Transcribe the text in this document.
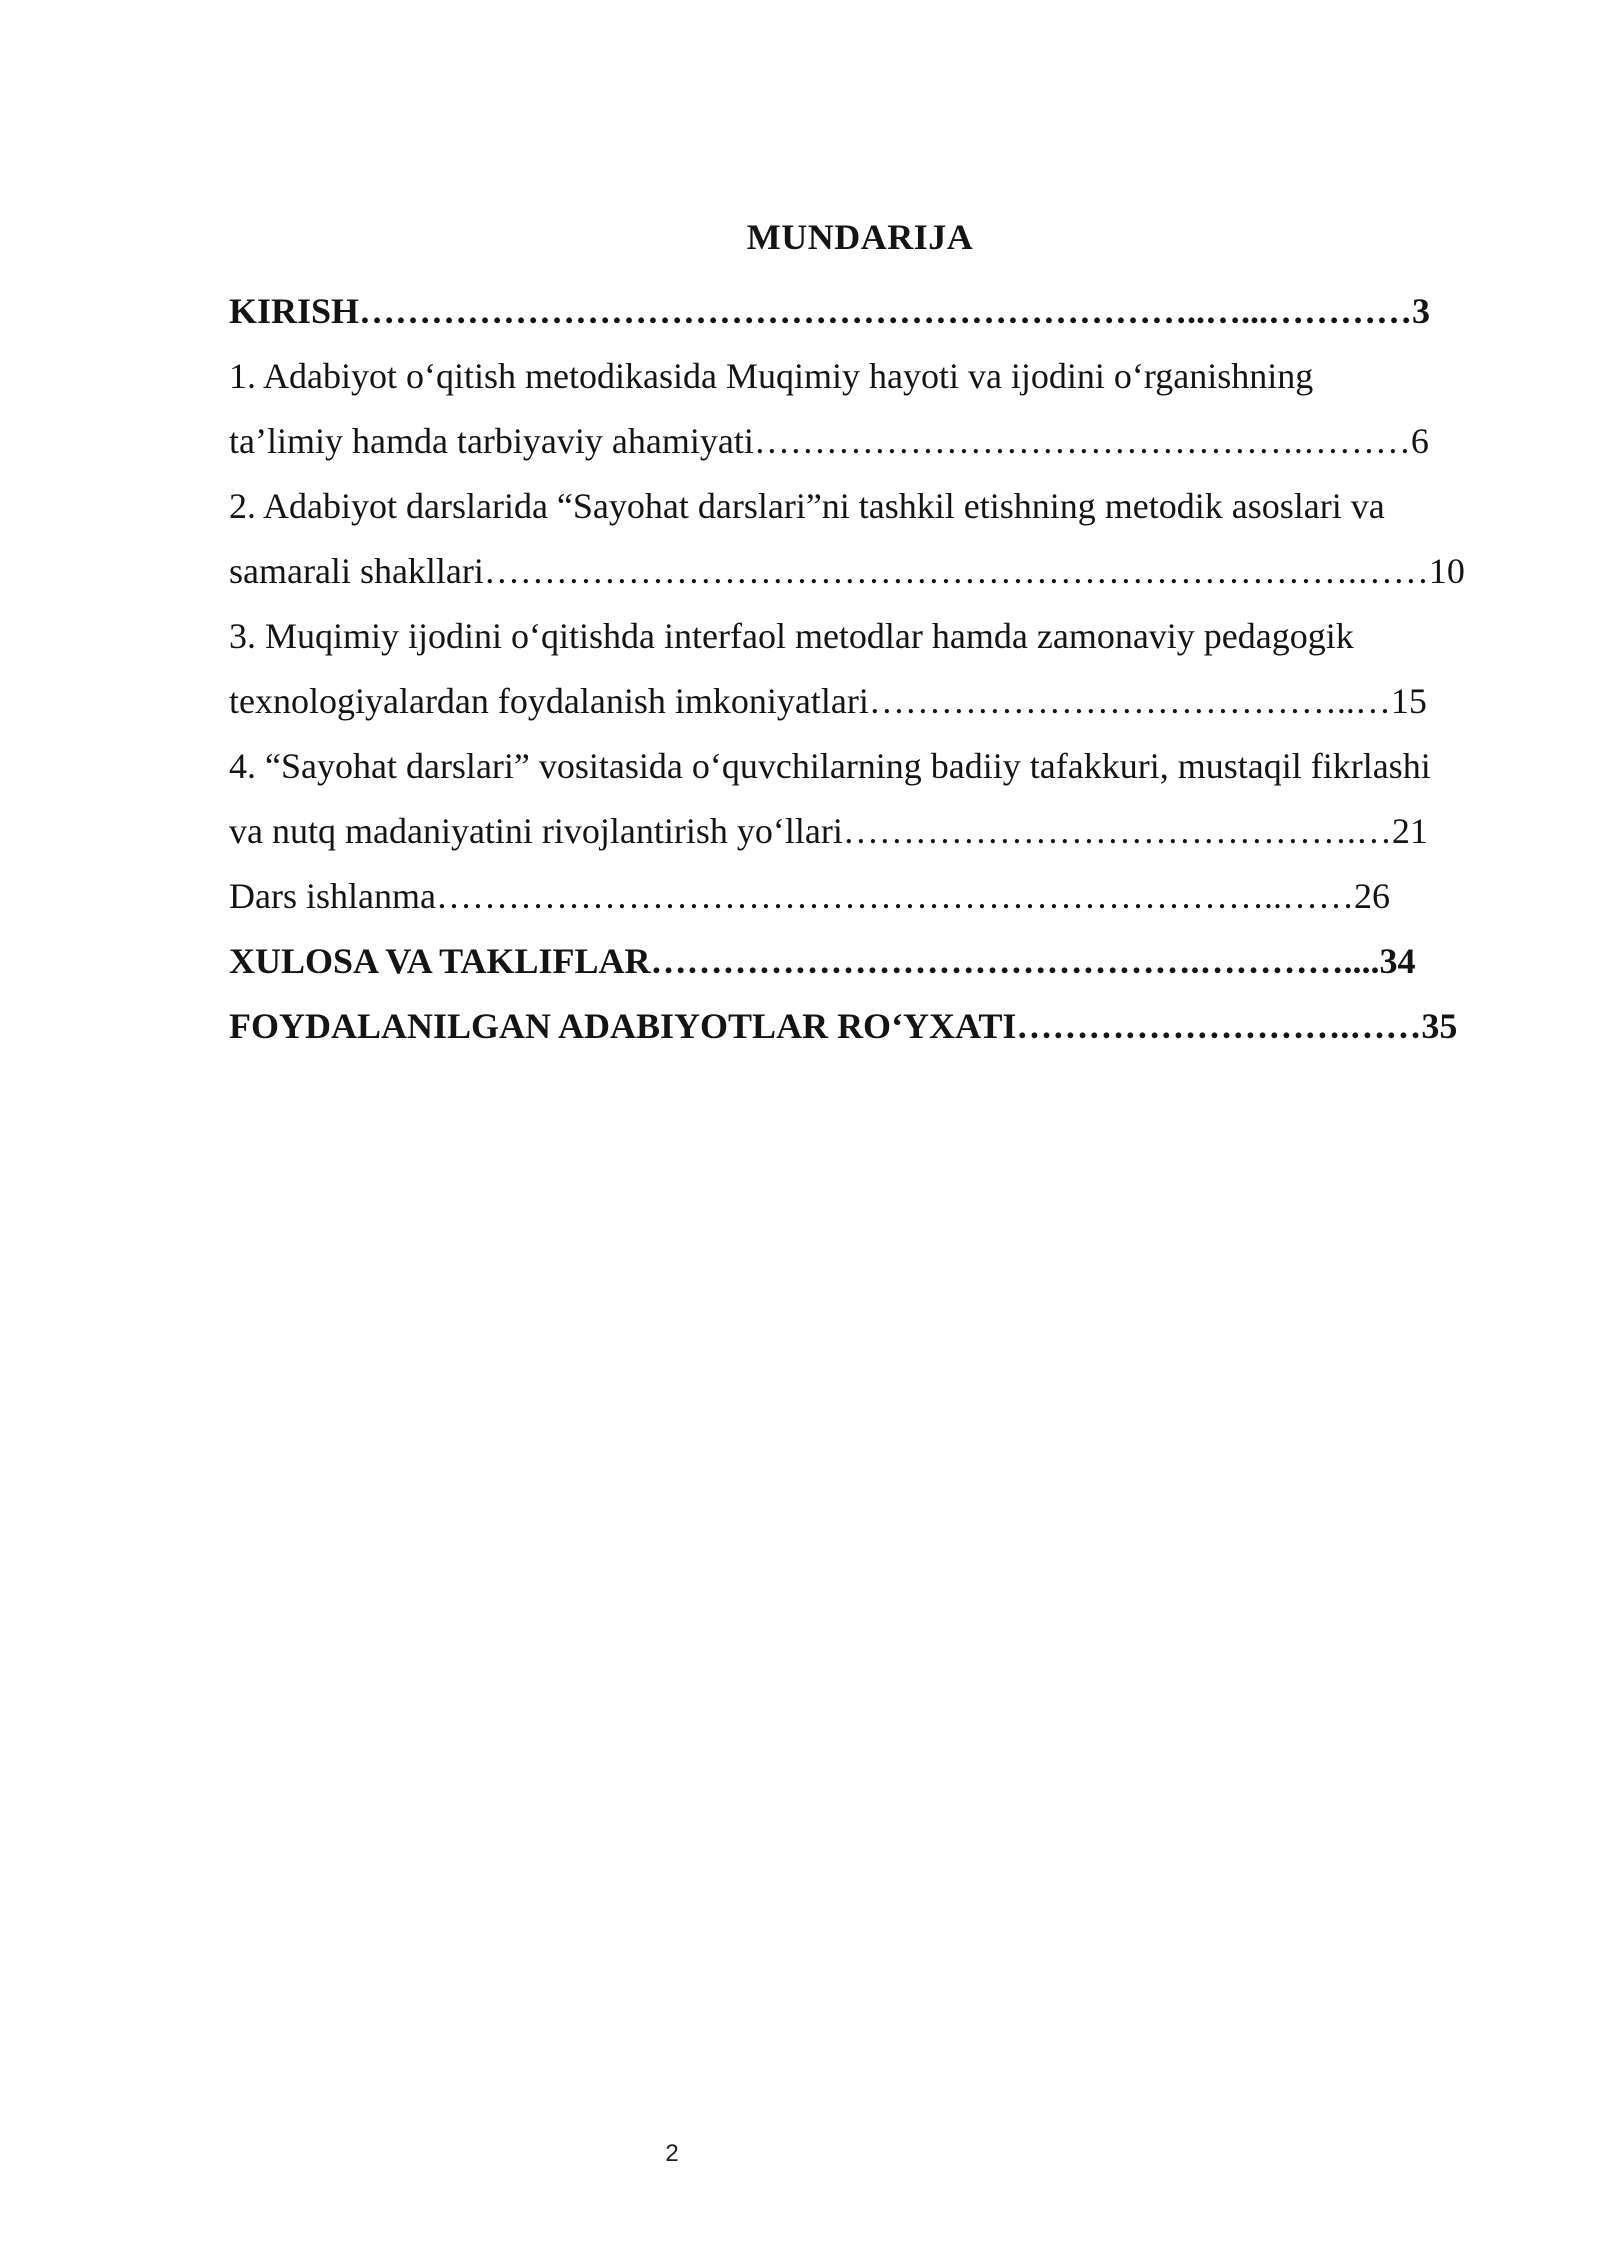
MUNDARIJA

KIRISH……………………………………………………………..…...…………3

1. Adabiyot o‘qitish metodikasida Muqimiy hayoti va ijodini o‘rganishning

ta’limiy hamda tarbiyaviy ahamiyati……………………………………….………6

2. Adabiyot darslarida “Sayohat darslari”ni tashkil etishning metodik asoslari va

samarali shakllari……………………………………………………………….……10

3. Muqimiy ijodini o‘qitishda interfaol metodlar hamda zamonaviy pedagogik

texnologiyalardan foydalanish imkoniyatlari…………………………………..…15

4. “Sayohat darslari” vositasida o‘quvchilarning badiiy tafakkuri, mustaqil fikrlashi

va nutq madaniyatini rivojlantirish yo‘llari…………………………………….…21

Dars ishlanma……………………………………………………………..……26

XULOSA VA TAKLIFLAR……………………………………….…………....34

FOYDALANILGAN ADABIYOTLAR RO‘YXATI……………………….……35

2
